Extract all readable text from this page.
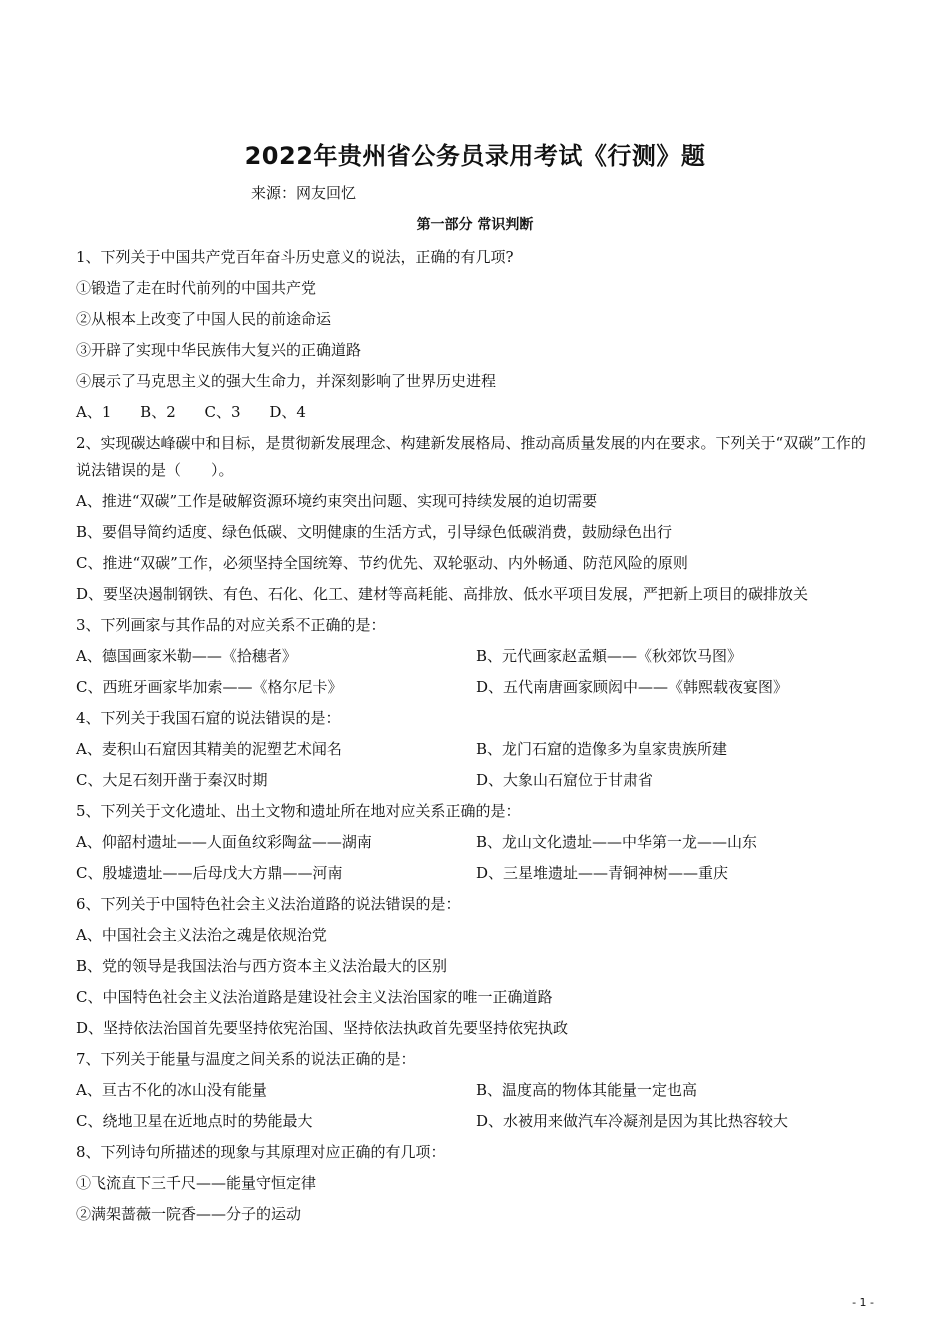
2022年贵州省公务员录用考试《行测》题
来源：网友回忆
第一部分 常识判断
1、下列关于中国共产党百年奋斗历史意义的说法，正确的有几项?
①锻造了走在时代前列的中国共产党
②从根本上改变了中国人民的前途命运
③开辟了实现中华民族伟大复兴的正确道路
④展示了马克思主义的强大生命力，并深刻影响了世界历史进程
A、1 B、2 C、3 D、4
2、实现碳达峰碳中和目标，是贯彻新发展理念、构建新发展格局、推动高质量发展的内在要求。下列关于“双碳”工作的说法错误的是（　　）。
A、推进“双碳”工作是破解资源环境约束突出问题、实现可持续发展的迫切需要
B、要倡导简约适度、绿色低碳、文明健康的生活方式，引导绿色低碳消费，鼓励绿色出行
C、推进“双碳”工作，必须坚持全国统筹、节约优先、双轮驱动、内外畅通、防范风险的原则
D、要坚决遏制钢铁、有色、石化、化工、建材等高耗能、高排放、低水平项目发展，严把新上项目的碳排放关
3、下列画家与其作品的对应关系不正确的是：
A、德国画家米勒——《拾穗者》	B、元代画家赵孟頫——《秋郊饮马图》
C、西班牙画家毕加索——《格尔尼卡》	D、五代南唐画家顾闳中——《韩熙载夜宴图》
4、下列关于我国石窟的说法错误的是：
A、麦积山石窟因其精美的泥塑艺术闻名	B、龙门石窟的造像多为皇家贵族所建
C、大足石刻开凿于秦汉时期	D、大象山石窟位于甘肃省
5、下列关于文化遗址、出土文物和遗址所在地对应关系正确的是：
A、仰韶村遗址——人面鱼纹彩陶盆——湖南	B、龙山文化遗址——中华第一龙——山东
C、殷墟遗址——后母戊大方鼎——河南	D、三星堆遗址——青铜神树——重庆
6、下列关于中国特色社会主义法治道路的说法错误的是：
A、中国社会主义法治之魂是依规治党
B、党的领导是我国法治与西方资本主义法治最大的区别
C、中国特色社会主义法治道路是建设社会主义法治国家的唯一正确道路
D、坚持依法治国首先要坚持依宪治国、坚持依法执政首先要坚持依宪执政
7、下列关于能量与温度之间关系的说法正确的是：
A、亘古不化的冰山没有能量	B、温度高的物体其能量一定也高
C、绕地卫星在近地点时的势能最大	D、水被用来做汽车冷凝剂是因为其比热容较大
8、下列诗句所描述的现象与其原理对应正确的有几项：
①飞流直下三千尺——能量守恒定律
②满架蔷薇一院香——分子的运动
- 1 -
